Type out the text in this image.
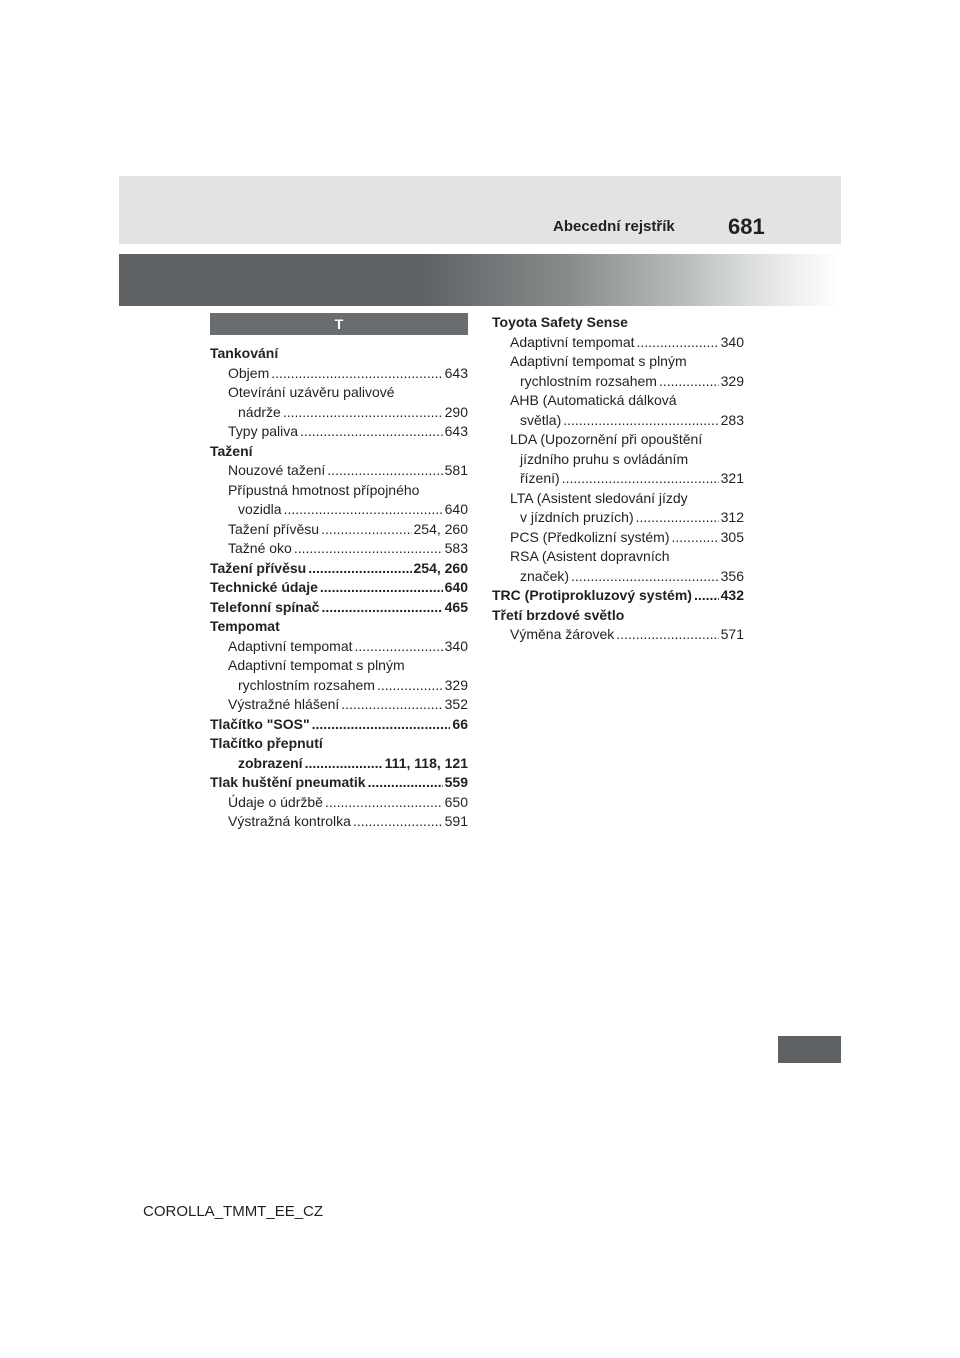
Abecední rejstřík 681
T
Tankování
Objem .....	643
Otevírání uzávěru palivové
nádrže .....	290
Typy paliva .....	643
Tažení
Nouzové tažení .....	581
Přípustná hmotnost přípojného
vozidla .....	640
Tažení přívěsu .....	254, 260
Tažné oko .....	583
Tažení přívěsu .....	254, 260
Technické údaje .....	640
Telefonní spínač .....	465
Tempomat
Adaptivní tempomat .....	340
Adaptivní tempomat s plným
rychlostním rozsahem .....	329
Výstražné hlášení .....	352
Tlačítko "SOS" .....	66
Tlačítko přepnutí
zobrazení .....	111, 118, 121
Tlak huštění pneumatik .....	559
Údaje o údržbě .....	650
Výstražná kontrolka .....	591
Toyota Safety Sense
Adaptivní tempomat .....	340
Adaptivní tempomat s plným
rychlostním rozsahem .....	329
AHB (Automatická dálková
světla) .....	283
LDA (Upozornění při opouštění
jízdního pruhu s ovládáním
řízení) .....	321
LTA (Asistent sledování jízdy
v jízdních pruzích) .....	312
PCS (Předkolizní systém) .....	305
RSA (Asistent dopravních
značek) .....	356
TRC (Protiprokluzový systém) ..... 432
Třetí brzdové světlo
Výměna žárovek .....	571
COROLLA_TMMT_EE_CZ
